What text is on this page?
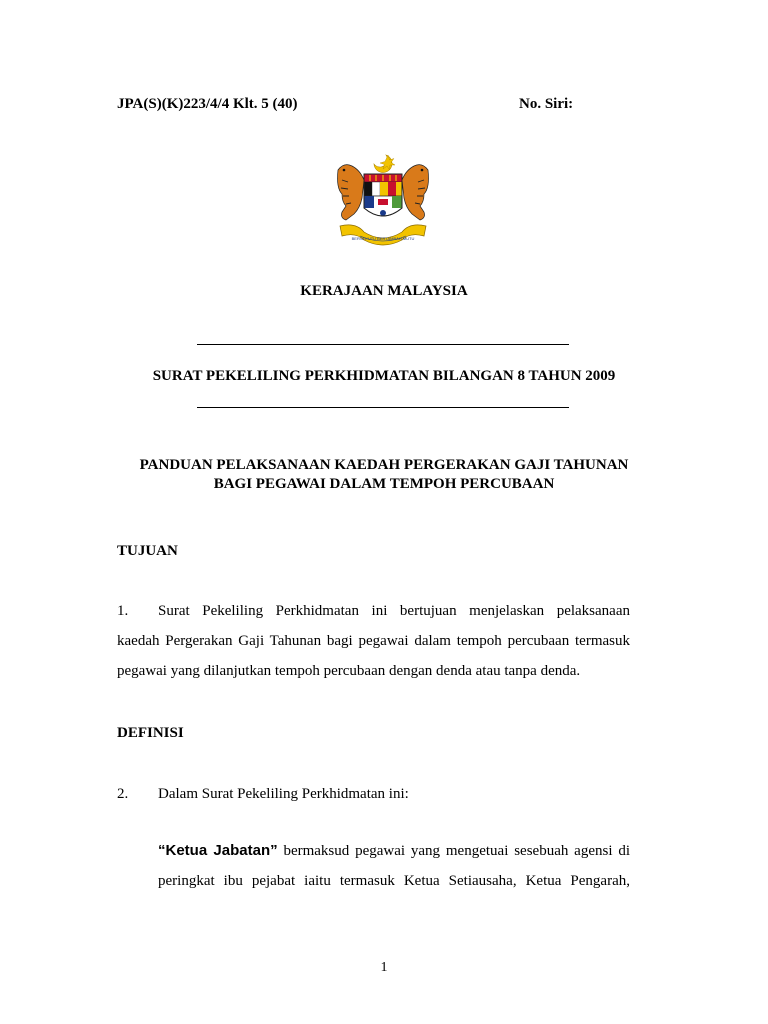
JPA(S)(K)223/4/4 Klt. 5 (40)	No. Siri:
BERSEKUTU BERTAMBAH MUTU
KERAJAAN MALAYSIA
SURAT PEKELILING PERKHIDMATAN BILANGAN 8 TAHUN 2009
PANDUAN PELAKSANAAN KAEDAH PERGERAKAN GAJI TAHUNAN
BAGI PEGAWAI DALAM TEMPOH PERCUBAAN
TUJUAN
1. Surat Pekeliling Perkhidmatan ini bertujuan menjelaskan pelaksanaan
kaedah Pergerakan Gaji Tahunan bagi pegawai dalam tempoh percubaan termasuk
pegawai yang dilanjutkan tempoh percubaan dengan denda atau tanpa denda.
DEFINISI
2. Dalam Surat Pekeliling Perkhidmatan ini:
“Ketua Jabatan” bermaksud pegawai yang mengetuai sesebuah agensi di
peringkat ibu pejabat iaitu termasuk Ketua Setiausaha, Ketua Pengarah,
1
